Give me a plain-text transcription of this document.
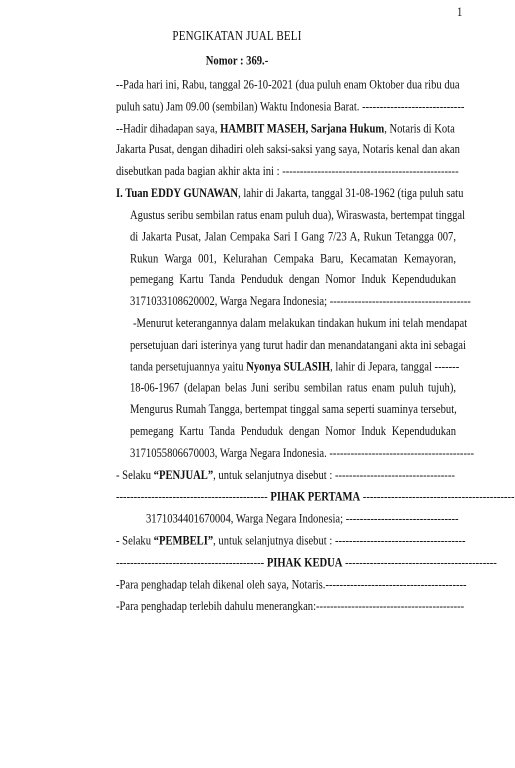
1
PENGIKATAN JUAL BELI
Nomor : 369.-
--Pada hari ini, Rabu, tanggal 26-10-2021 (dua puluh enam Oktober dua ribu dua
puluh satu) Jam 09.00 (sembilan) Waktu Indonesia Barat. -----------------------------
--Hadir dihadapan saya, HAMBIT MASEH, Sarjana Hukum, Notaris di Kota
Jakarta Pusat, dengan dihadiri oleh saksi-saksi yang saya, Notaris kenal dan akan
disebutkan pada bagian akhir akta ini : --------------------------------------------------
I. Tuan EDDY GUNAWAN, lahir di Jakarta, tanggal 31-08-1962 (tiga puluh satu
Agustus seribu sembilan ratus enam puluh dua), Wiraswasta, bertempat tinggal
di Jakarta Pusat, Jalan Cempaka Sari I Gang 7/23 A, Rukun Tetangga 007,
Rukun Warga 001, Kelurahan Cempaka Baru, Kecamatan Kemayoran,
pemegang Kartu Tanda Penduduk dengan Nomor Induk Kependudukan
3171033108620002, Warga Negara Indonesia; ----------------------------------------
-Menurut keterangannya dalam melakukan tindakan hukum ini telah mendapat
persetujuan dari isterinya yang turut hadir dan menandatangani akta ini sebagai
tanda persetujuannya yaitu Nyonya SULASIH, lahir di Jepara, tanggal -------
18-06-1967 (delapan belas Juni seribu sembilan ratus enam puluh tujuh),
Mengurus Rumah Tangga, bertempat tinggal sama seperti suaminya tersebut,
pemegang Kartu Tanda Penduduk dengan Nomor Induk Kependudukan
3171055806670003, Warga Negara Indonesia. -----------------------------------------
- Selaku “PENJUAL”, untuk selanjutnya disebut : ----------------------------------
------------------------------------------- PIHAK PERTAMA -------------------------------------------
3171034401670004, Warga Negara Indonesia; --------------------------------
- Selaku “PEMBELI”, untuk selanjutnya disebut : -------------------------------------
------------------------------------------ PIHAK KEDUA -------------------------------------------
-Para penghadap telah dikenal oleh saya, Notaris.----------------------------------------
-Para penghadap terlebih dahulu menerangkan:------------------------------------------
